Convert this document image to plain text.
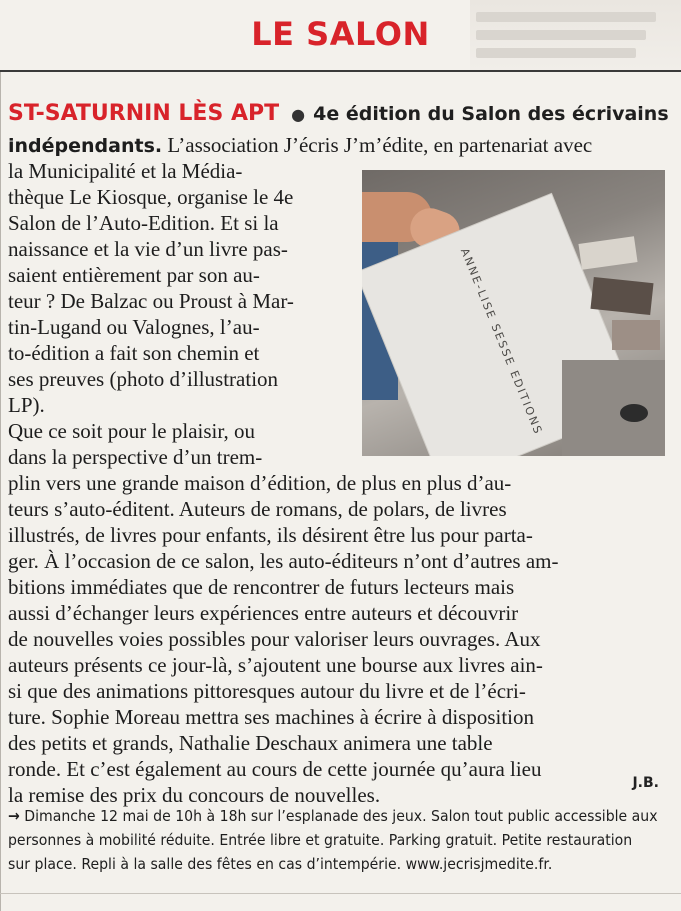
LE SALON
ST-SATURNIN LÈS APT ● 4e édition du Salon des écrivains
indépendants. L’association J’écris J’m’édite, en partenariat avec
la Municipalité et la Média-
thèque Le Kiosque, organise le 4e
Salon de l’Auto-Edition. Et si la
naissance et la vie d’un livre pas-
saient entièrement par son au-
teur ? De Balzac ou Proust à Mar-
tin-Lugand ou Valognes, l’au-
to-édition a fait son chemin et
ses preuves (photo d’illustration
LP).
Que ce soit pour le plaisir, ou
dans la perspective d’un trem-
plin vers une grande maison d’édition, de plus en plus d’au-
teurs s’auto-éditent. Auteurs de romans, de polars, de livres
illustrés, de livres pour enfants, ils désirent être lus pour partа-
ger. À l’occasion de ce salon, les auto-éditeurs n’ont d’autres am-
bitions immédiates que de rencontrer de futurs lecteurs mais
aussi d’échanger leurs expériences entre auteurs et découvrir
de nouvelles voies possibles pour valoriser leurs ouvrages. Aux
auteurs présents ce jour-là, s’ajoutent une bourse aux livres ain-
si que des animations pittoresques autour du livre et de l’écri-
ture. Sophie Moreau mettra ses machines à écrire à disposition
des petits et grands, Nathalie Deschaux animera une table
ronde. Et c’est également au cours de cette journée qu’aura lieu
la remise des prix du concours de nouvelles.
ANNE-LISE SESSE EDITIONS
J.B.
→ Dimanche 12 mai de 10h à 18h sur l’esplanade des jeux. Salon tout public accessible aux
personnes à mobilité réduite. Entrée libre et gratuite. Parking gratuit. Petite restauration
sur place. Repli à la salle des fêtes en cas d’intempérie. www.jecrisjmedite.fr.
